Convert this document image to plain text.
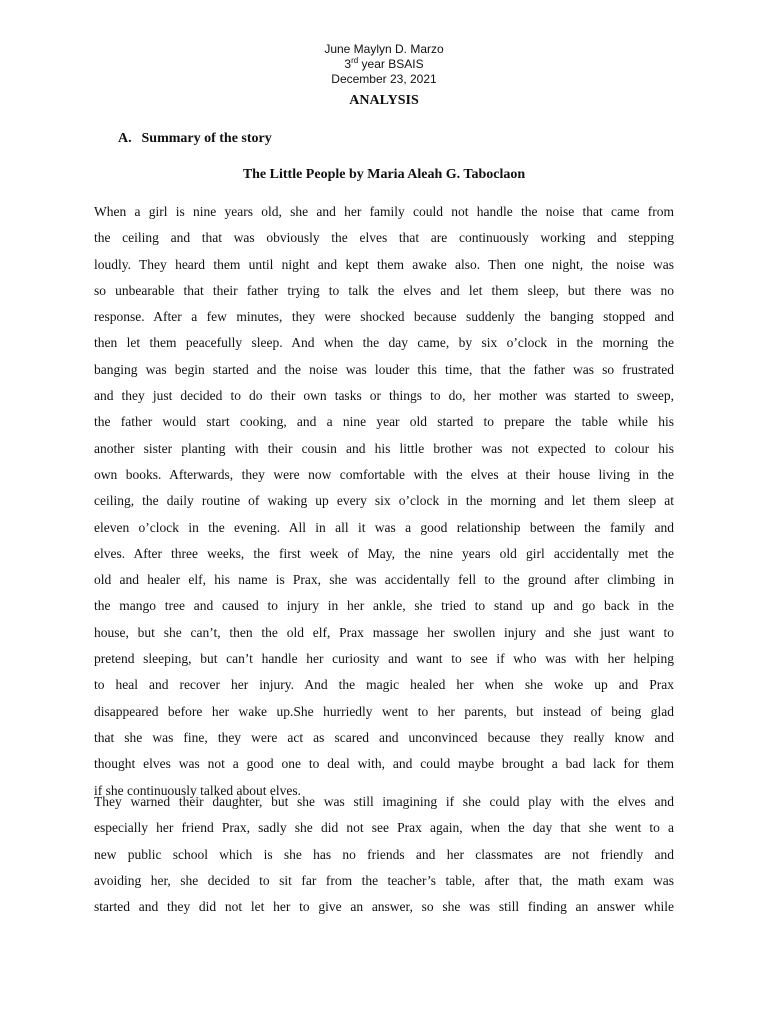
June Maylyn D. Marzo
3rd year BSAIS
December 23, 2021
ANALYSIS
A. Summary of the story
The Little People by Maria Aleah G. Taboclaon
When a girl is nine years old, she and her family could not handle the noise that came from
the ceiling and that was obviously the elves that are continuously working and stepping
loudly. They heard them until night and kept them awake also. Then one night, the noise was
so unbearable that their father trying to talk the elves and let them sleep, but there was no
response. After a few minutes, they were shocked because suddenly the banging stopped and
then let them peacefully sleep. And when the day came, by six o’clock in the morning the
banging was begin started and the noise was louder this time, that the father was so frustrated
and they just decided to do their own tasks or things to do, her mother was started to sweep,
the father would start cooking, and a nine year old started to prepare the table while his
another sister planting with their cousin and his little brother was not expected to colour his
own books. Afterwards, they were now comfortable with the elves at their house living in the
ceiling, the daily routine of waking up every six o’clock in the morning and let them sleep at
eleven o’clock in the evening. All in all it was a good relationship between the family and
elves. After three weeks, the first week of May, the nine years old girl accidentally met the
old and healer elf, his name is Prax, she was accidentally fell to the ground after climbing in
the mango tree and caused to injury in her ankle, she tried to stand up and go back in the
house, but she can’t, then the old elf, Prax massage her swollen injury and she just want to
pretend sleeping, but can’t handle her curiosity and want to see if who was with her helping
to heal and recover her injury. And the magic healed her when she woke up and Prax
disappeared before her wake up.She hurriedly went to her parents, but instead of being glad
that she was fine, they were act as scared and unconvinced because they really know and
thought elves was not a good one to deal with, and could maybe brought a bad lack for them
if she continuously talked about elves.
They warned their daughter, but she was still imagining if she could play with the elves and
especially her friend Prax, sadly she did not see Prax again, when the day that she went to a
new public school which is she has no friends and her classmates are not friendly and
avoiding her, she decided to sit far from the teacher’s table, after that, the math exam was
started and they did not let her to give an answer, so she was still finding an answer while
